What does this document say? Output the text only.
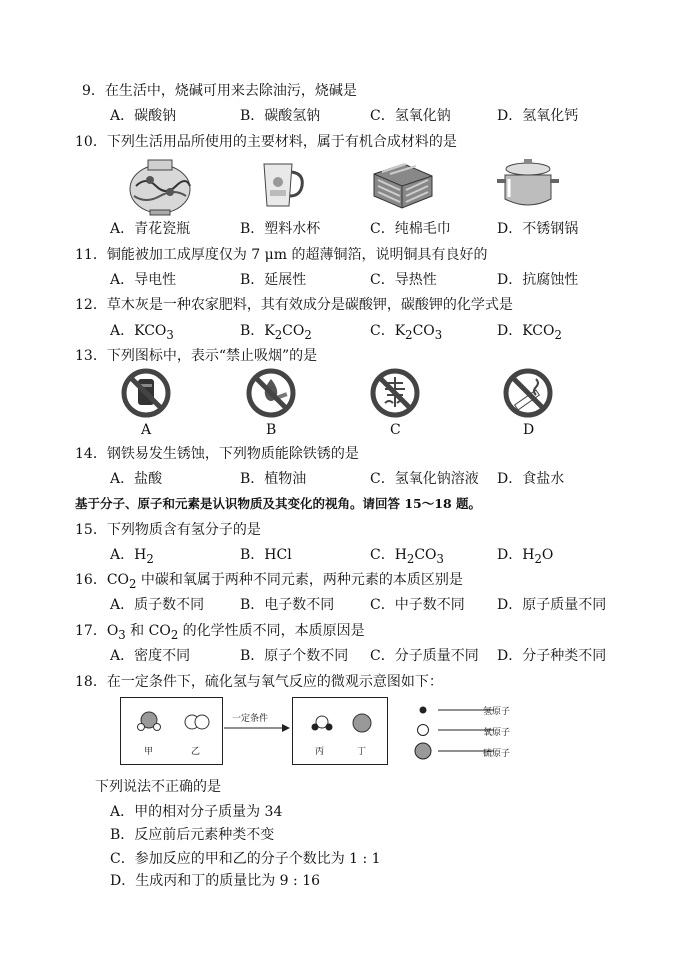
9．在生活中，烧碱可用来去除油污，烧碱是
A．碳酸钠	B．碳酸氢钠	C．氢氧化钠	D．氢氧化钙
10．下列生活用品所使用的主要材料，属于有机合成材料的是
A．青花瓷瓶	B．塑料水杯	C．纯棉毛巾	D．不锈钢锅
11．铜能被加工成厚度仅为 7 μm 的超薄铜箔，说明铜具有良好的
A．导电性	B．延展性	C．导热性	D．抗腐蚀性
12．草木灰是一种农家肥料，其有效成分是碳酸钾，碳酸钾的化学式是
A．$KCO_3$	B．$K_2CO_2$	C．$K_2CO_3$	D．$KCO_2$
13．下列图标中，表示“禁止吸烟”的是
A	B	C	D
14．钢铁易发生锈蚀，下列物质能除铁锈的是
A．盐酸	B．植物油	C．氢氧化钠溶液 D．食盐水
基于分子、原子和元素是认识物质及其变化的视角。请回答 15～18 题。
15．下列物质含有氢分子的是
A．$H_2$	B．HCl	C．$H_2CO_3$	D．$H_2O$
16．$CO_2$ 中碳和氧属于两种不同元素，两种元素的本质区别是
A．质子数不同	B．电子数不同	C．中子数不同 D．原子质量不同
17．$O_3$ 和 $CO_2$ 的化学性质不同，本质原因是
A．密度不同	B．原子个数不同 C．分子质量不同 D．分子种类不同
18．在一定条件下，硫化氢与氧气反应的微观示意图如下：
甲	乙
一定条件
丙	丁
氢原子
氧原子
硫原子
下列说法不正确的是
A．甲的相对分子质量为 34
B．反应前后元素种类不变
C．参加反应的甲和乙的分子个数比为 1 : 1
D．生成丙和丁的质量比为 9 : 16
